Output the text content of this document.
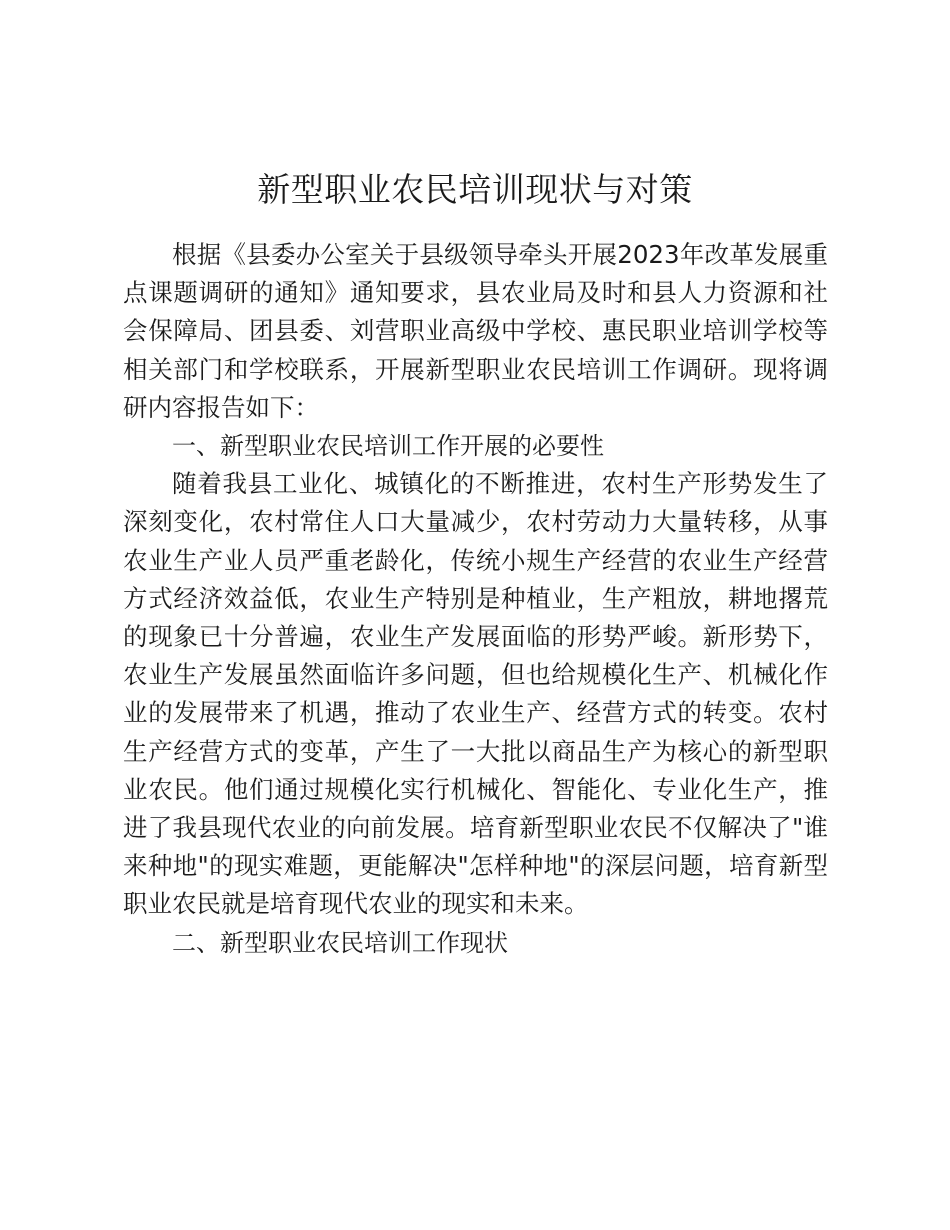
新型职业农民培训现状与对策

根据《县委办公室关于县级领导牵头开展2023年改革发展重点课题调研的通知》通知要求，县农业局及时和县人力资源和社会保障局、团县委、刘营职业高级中学校、惠民职业培训学校等相关部门和学校联系，开展新型职业农民培训工作调研。现将调研内容报告如下：

一、新型职业农民培训工作开展的必要性

随着我县工业化、城镇化的不断推进，农村生产形势发生了深刻变化，农村常住人口大量减少，农村劳动力大量转移，从事农业生产业人员严重老龄化，传统小规生产经营的农业生产经营方式经济效益低，农业生产特别是种植业，生产粗放，耕地撂荒的现象已十分普遍，农业生产发展面临的形势严峻。新形势下，农业生产发展虽然面临许多问题，但也给规模化生产、机械化作业的发展带来了机遇，推动了农业生产、经营方式的转变。农村生产经营方式的变革，产生了一大批以商品生产为核心的新型职业农民。他们通过规模化实行机械化、智能化、专业化生产，推进了我县现代农业的向前发展。培育新型职业农民不仅解决了"谁来种地"的现实难题，更能解决"怎样种地"的深层问题，培育新型职业农民就是培育现代农业的现实和未来。

二、新型职业农民培训工作现状
